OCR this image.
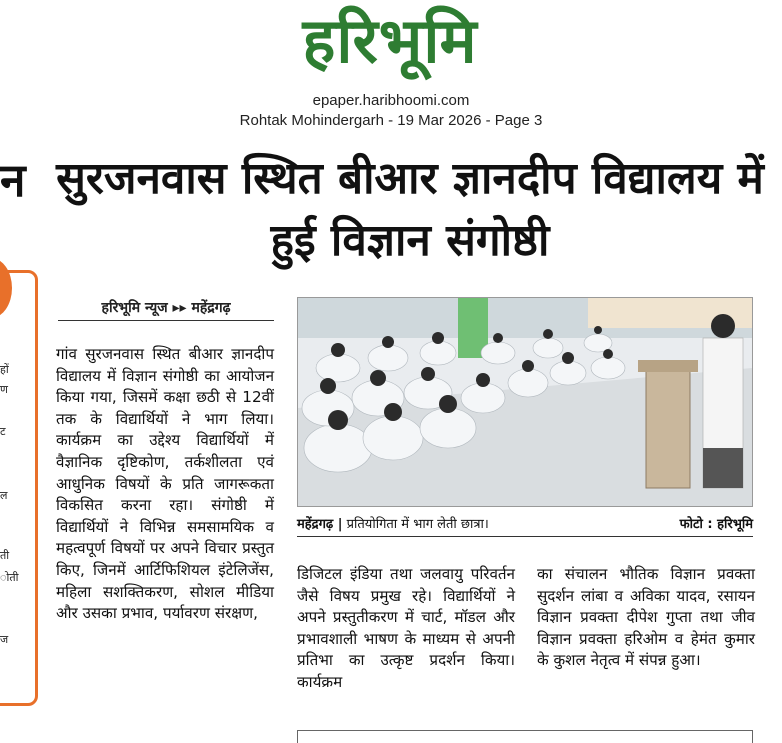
हरिभूमि
epaper.haribhoomi.com
Rohtak Mohindergarh - 19 Mar 2026 - Page 3
न
हों
ण
ट
ल
ती
ोती
ज
सुरजनवास स्थित बीआर ज्ञानदीप विद्यालय में हुई विज्ञान संगोष्ठी
हरिभूमि न्यूज ▸▸ महेंद्रगढ़
गांव सुरजनवास स्थित बीआर ज्ञानदीप विद्यालय में विज्ञान संगोष्ठी का आयोजन किया गया, जिसमें कक्षा छठी से 12वीं तक के विद्यार्थियों ने भाग लिया। कार्यक्रम का उद्देश्य विद्यार्थियों में वैज्ञानिक दृष्टिकोण, तर्कशीलता एवं आधुनिक विषयों के प्रति जागरूकता विकसित करना रहा। संगोष्ठी में विद्यार्थियों ने विभिन्न समसामयिक व महत्वपूर्ण विषयों पर अपने विचार प्रस्तुत किए, जिनमें आर्टिफिशियल इंटेलिजेंस, महिला सशक्तिकरण, सोशल मीडिया और उसका प्रभाव, पर्यावरण संरक्षण,
महेंद्रगढ़ | प्रतियोगिता में भाग लेती छात्रा।	फोटो : हरिभूमि
डिजिटल इंडिया तथा जलवायु परिवर्तन जैसे विषय प्रमुख रहे। विद्यार्थियों ने अपने प्रस्तुतीकरण में चार्ट, मॉडल और प्रभावशाली भाषण के माध्यम से अपनी प्रतिभा का उत्कृष्ट प्रदर्शन किया। कार्यक्रम
का संचालन भौतिक विज्ञान प्रवक्ता सुदर्शन लांबा व अविका यादव, रसायन विज्ञान प्रवक्ता दीपेश गुप्ता तथा जीव विज्ञान प्रवक्ता हरिओम व हेमंत कुमार के कुशल नेतृत्व में संपन्न हुआ।
